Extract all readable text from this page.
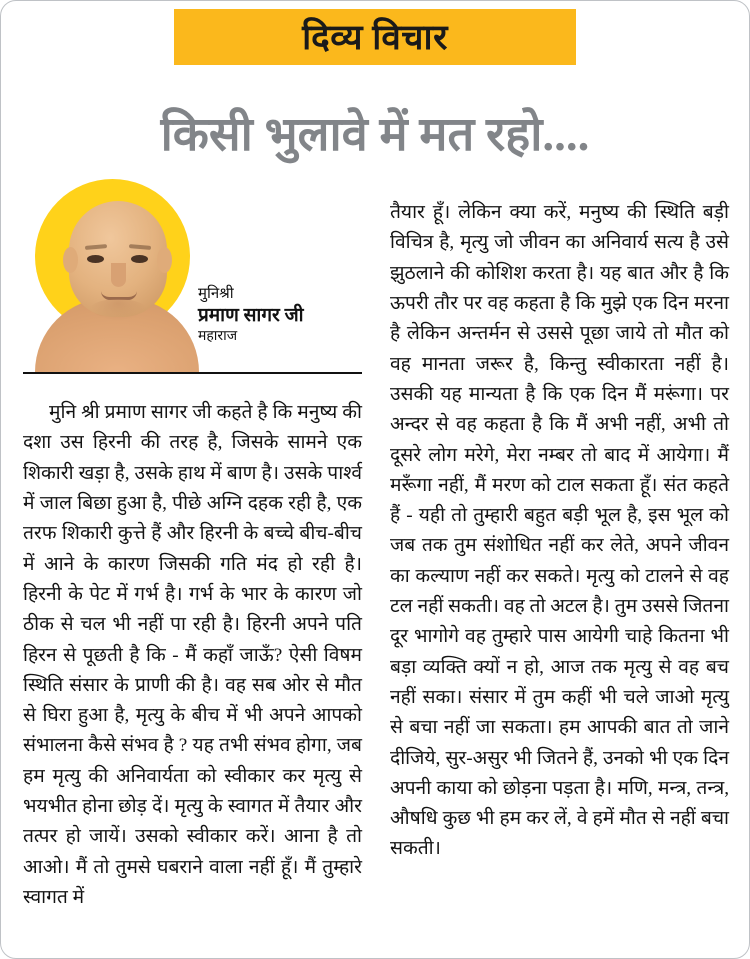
दिव्य विचार
किसी भुलावे में मत रहो....
मुनिश्री
प्रमाण सागर जी
महाराज

मुनि श्री प्रमाण सागर जी कहते है कि मनुष्य की दशा उस हिरनी की तरह है, जिसके सामने एक शिकारी खड़ा है, उसके हाथ में बाण है। उसके पार्श्व में जाल बिछा हुआ है, पीछे अग्नि दहक रही है, एक तरफ शिकारी कुत्ते हैं और हिरनी के बच्चे बीच-बीच में आने के कारण जिसकी गति मंद हो रही है। हिरनी के पेट में गर्भ है। गर्भ के भार के कारण जो ठीक से चल भी नहीं पा रही है। हिरनी अपने पति हिरन से पूछती है कि - मैं कहाँ जाऊँ? ऐसी विषम स्थिति संसार के प्राणी की है। वह सब ओर से मौत से घिरा हुआ है, मृत्यु के बीच में भी अपने आपको संभालना कैसे संभव है ? यह तभी संभव होगा, जब हम मृत्यु की अनिवार्यता को स्वीकार कर मृत्यु से भयभीत होना छोड़ दें। मृत्यु के स्वागत में तैयार और तत्पर हो जायें। उसको स्वीकार करें। आना है तो आओ। मैं तो तुमसे घबराने वाला नहीं हूँ। मैं तुम्हारे स्वागत में

तैयार हूँ। लेकिन क्या करें, मनुष्य की स्थिति बड़ी विचित्र है, मृत्यु जो जीवन का अनिवार्य सत्य है उसे झुठलाने की कोशिश करता है। यह बात और है कि ऊपरी तौर पर वह कहता है कि मुझे एक दिन मरना है लेकिन अन्तर्मन से उससे पूछा जाये तो मौत को वह मानता जरूर है, किन्तु स्वीकारता नहीं है। उसकी यह मान्यता है कि एक दिन मैं मरूंगा। पर अन्दर से वह कहता है कि मैं अभी नहीं, अभी तो दूसरे लोग मरेगे, मेरा नम्बर तो बाद में आयेगा। मैं मरूँगा नहीं, मैं मरण को टाल सकता हूँ। संत कहते हैं - यही तो तुम्हारी बहुत बड़ी भूल है, इस भूल को जब तक तुम संशोधित नहीं कर लेते, अपने जीवन का कल्याण नहीं कर सकते। मृत्यु को टालने से वह टल नहीं सकती। वह तो अटल है। तुम उससे जितना दूर भागोगे वह तुम्हारे पास आयेगी चाहे कितना भी बड़ा व्यक्ति क्यों न हो, आज तक मृत्यु से वह बच नहीं सका। संसार में तुम कहीं भी चले जाओ मृत्यु से बचा नहीं जा सकता। हम आपकी बात तो जाने दीजिये, सुर-असुर भी जितने हैं, उनको भी एक दिन अपनी काया को छोड़ना पड़ता है। मणि, मन्त्र, तन्त्र, औषधि कुछ भी हम कर लें, वे हमें मौत से नहीं बचा सकती।
